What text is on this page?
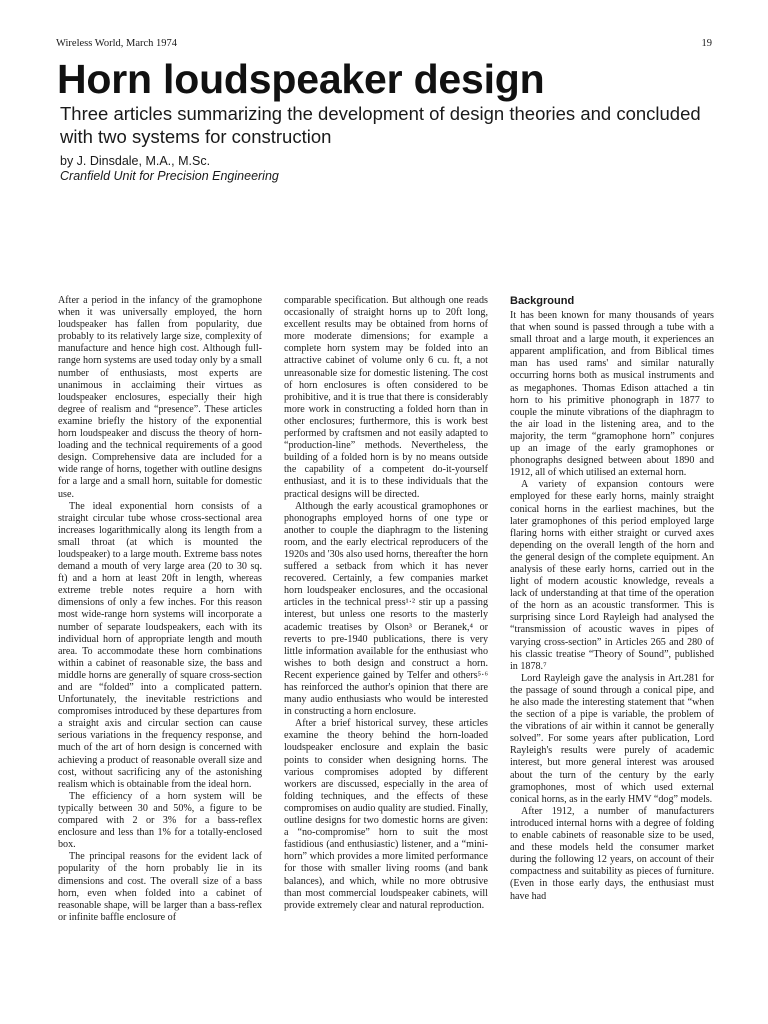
Wireless World, March 1974	19
Horn loudspeaker design

Three articles summarizing the development of design theories and concluded with two systems for construction

by J. Dinsdale, M.A., M.Sc.

Cranfield Unit for Precision Engineering

After a period in the infancy of the gramophone when it was universally employed, the horn loudspeaker has fallen from popularity, due probably to its relatively large size, complexity of manufacture and hence high cost. Although full-range horn systems are used today only by a small number of enthusiasts, most experts are unanimous in acclaiming their virtues as loudspeaker enclosures, especially their high degree of realism and “presence”. These articles examine briefly the history of the exponential horn loudspeaker and discuss the theory of horn-loading and the technical requirements of a good design. Comprehensive data are included for a wide range of horns, together with outline designs for a large and a small horn, suitable for domestic use.

The ideal exponential horn consists of a straight circular tube whose cross-sectional area increases logarithmically along its length from a small throat (at which is mounted the loudspeaker) to a large mouth. Extreme bass notes demand a mouth of very large area (20 to 30 sq. ft) and a horn at least 20ft in length, whereas extreme treble notes require a horn with dimensions of only a few inches. For this reason most wide-range horn systems will incorporate a number of separate loudspeakers, each with its individual horn of appropriate length and mouth area. To accommodate these horn combinations within a cabinet of reasonable size, the bass and middle horns are generally of square cross-section and are “folded” into a complicated pattern. Unfortunately, the inevitable restrictions and compromises introduced by these departures from a straight axis and circular section can cause serious variations in the frequency response, and much of the art of horn design is concerned with achieving a product of reasonable overall size and cost, without sacrificing any of the astonishing realism which is obtainable from the ideal horn.

The efficiency of a horn system will be typically between 30 and 50%, a figure to be compared with 2 or 3% for a bass-reflex enclosure and less than 1% for a totally-enclosed box.

The principal reasons for the evident lack of popularity of the horn probably lie in its dimensions and cost. The overall size of a bass horn, even when folded into a cabinet of reasonable shape, will be larger than a bass-reflex or infinite baffle enclosure of

comparable specification. But although one reads occasionally of straight horns up to 20ft long, excellent results may be obtained from horns of more moderate dimensions; for example a complete horn system may be folded into an attractive cabinet of volume only 6 cu. ft, a not unreasonable size for domestic listening. The cost of horn enclosures is often considered to be prohibitive, and it is true that there is considerably more work in constructing a folded horn than in other enclosures; furthermore, this is work best performed by craftsmen and not easily adapted to “production-line” methods. Nevertheless, the building of a folded horn is by no means outside the capability of a competent do-it-yourself enthusiast, and it is to these individuals that the practical designs will be directed.

Although the early acoustical gramophones or phonographs employed horns of one type or another to couple the diaphragm to the listening room, and the early electrical reproducers of the 1920s and '30s also used horns, thereafter the horn suffered a setback from which it has never recovered. Certainly, a few companies market horn loudspeaker enclosures, and the occasional articles in the technical press¹·² stir up a passing interest, but unless one resorts to the masterly academic treatises by Olson³ or Beranek,⁴ or reverts to pre-1940 publications, there is very little information available for the enthusiast who wishes to both design and construct a horn. Recent experience gained by Telfer and others⁵·⁶ has reinforced the author's opinion that there are many audio enthusiasts who would be interested in constructing a horn enclosure.

After a brief historical survey, these articles examine the theory behind the horn-loaded loudspeaker enclosure and explain the basic points to consider when designing horns. The various compromises adopted by different workers are discussed, especially in the area of folding techniques, and the effects of these compromises on audio quality are studied. Finally, outline designs for two domestic horns are given: a “no-compromise” horn to suit the most fastidious (and enthusiastic) listener, and a “mini-horn” which provides a more limited performance for those with smaller living rooms (and bank balances), and which, while no more obtrusive than most commercial loudspeaker cabinets, will provide extremely clear and natural reproduction.

Background

It has been known for many thousands of years that when sound is passed through a tube with a small throat and a large mouth, it experiences an apparent amplification, and from Biblical times man has used rams' and similar naturally occurring horns both as musical instruments and as megaphones. Thomas Edison attached a tin horn to his primitive phonograph in 1877 to couple the minute vibrations of the diaphragm to the air load in the listening area, and to the majority, the term “gramophone horn” conjures up an image of the early gramophones or phonographs designed between about 1890 and 1912, all of which utilised an external horn.

A variety of expansion contours were employed for these early horns, mainly straight conical horns in the earliest machines, but the later gramophones of this period employed large flaring horns with either straight or curved axes depending on the overall length of the horn and the general design of the complete equipment. An analysis of these early horns, carried out in the light of modern acoustic knowledge, reveals a lack of understanding at that time of the operation of the horn as an acoustic transformer. This is surprising since Lord Rayleigh had analysed the “transmission of acoustic waves in pipes of varying cross-section” in Articles 265 and 280 of his classic treatise “Theory of Sound”, published in 1878.⁷

Lord Rayleigh gave the analysis in Art.281 for the passage of sound through a conical pipe, and he also made the interesting statement that “when the section of a pipe is variable, the problem of the vibrations of air within it cannot be generally solved”. For some years after publication, Lord Rayleigh's results were purely of academic interest, but more general interest was aroused about the turn of the century by the early gramophones, most of which used external conical horns, as in the early HMV “dog” models.

After 1912, a number of manufacturers introduced internal horns with a degree of folding to enable cabinets of reasonable size to be used, and these models held the consumer market during the following 12 years, on account of their compactness and suitability as pieces of furniture. (Even in those early days, the enthusiast must have had
